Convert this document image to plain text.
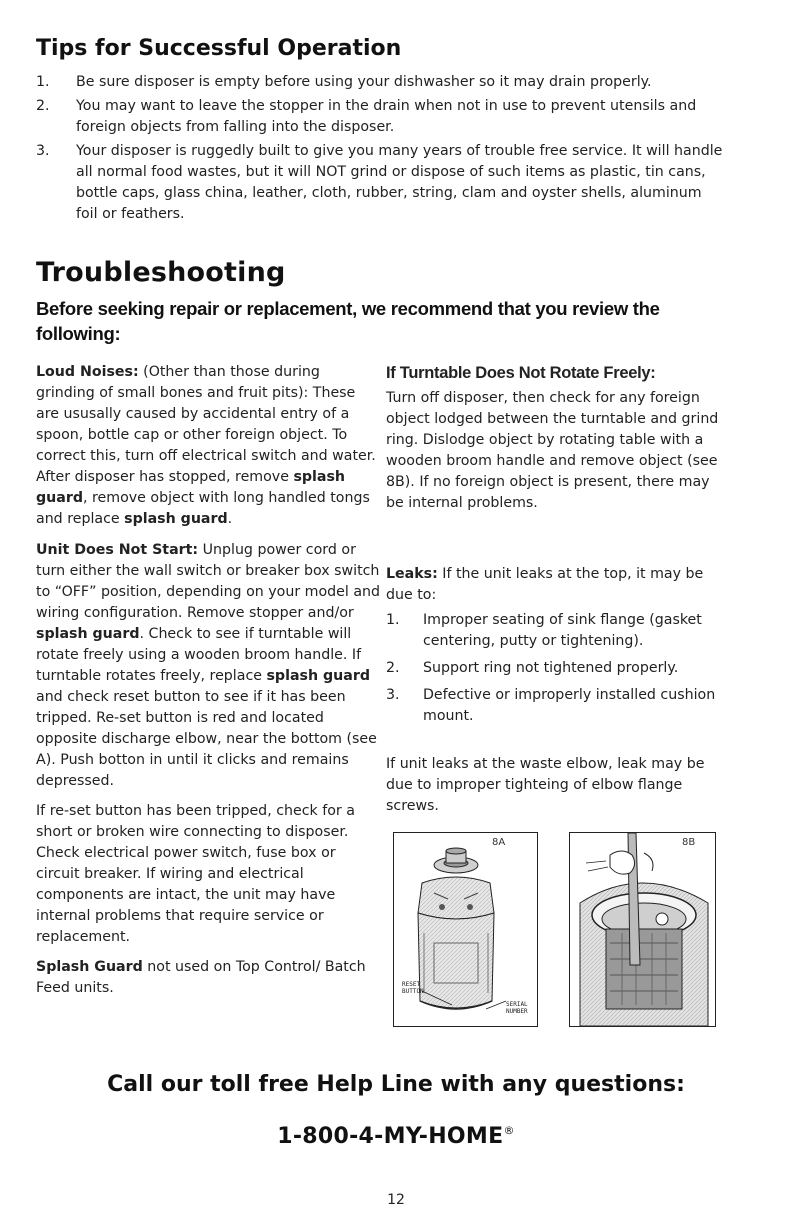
Tips for Successful Operation
1. Be sure disposer is empty before using your dishwasher so it may drain properly.
2. You may want to leave the stopper in the drain when not in use to prevent utensils and foreign objects from falling into the disposer.
3. Your disposer is ruggedly built to give you many years of trouble free service. It will handle all normal food wastes, but it will NOT grind or dispose of such items as plastic, tin cans, bottle caps, glass china, leather, cloth, rubber, string, clam and oyster shells, aluminum foil or feathers.
Troubleshooting
Before seeking repair or replacement, we recommend that you review the following:

Loud Noises: (Other than those during grinding of small bones and fruit pits): These are ususally caused by accidental entry of a spoon, bottle cap or other foreign object. To correct this, turn off electrical switch and water. After disposer has stopped, remove splash guard, remove object with long handled tongs and replace splash guard.

Unit Does Not Start: Unplug power cord or turn either the wall switch or breaker box switch to “OFF” position, depending on your model and wiring configuration. Remove stopper and/or splash guard. Check to see if turntable will rotate freely using a wooden broom handle. If turntable rotates freely, replace splash guard and check reset button to see if it has been tripped. Re-set button is red and located opposite discharge elbow, near the bottom (see A). Push botton in until it clicks and remains depressed.

If re-set button has been tripped, check for a short or broken wire connecting to disposer. Check electrical power switch, fuse box or circuit breaker. If wiring and electrical components are intact, the unit may have internal problems that require service or replacement.

Splash Guard not used on Top Control/ Batch Feed units.

If Turntable Does Not Rotate Freely:

Turn off disposer, then check for any foreign object lodged between the turntable and grind ring. Dislodge object by rotating table with a wooden broom handle and remove object (see 8B). If no foreign object is present, there may be internal problems.

Leaks: If the unit leaks at the top, it may be due to:

1. Improper seating of sink flange (gasket centering, putty or tightening).
2. Support ring not tightened properly.
3. Defective or improperly installed cushion mount.

If unit leaks at the waste elbow, leak may be due to improper tighteing of elbow flange screws.

8A
RESET
BUTTON
SERIAL
NUMBER
8B
Call our toll free Help Line with any questions:
1-800-4-MY-HOME®
12
